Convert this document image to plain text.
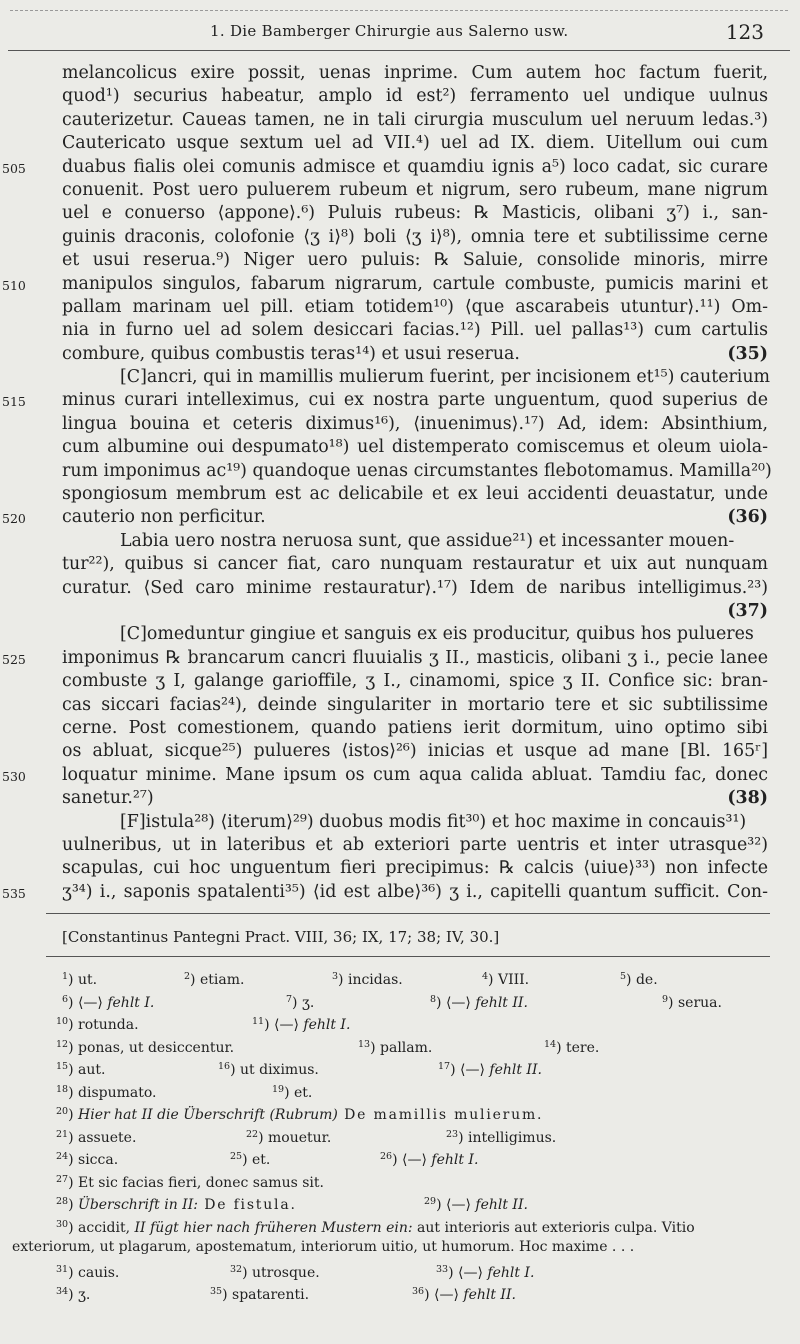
1. Die Bamberger Chirurgie aus Salerno usw.	123
melancolicus exire possit, uenas inprime. Cum autem hoc factum fuerit,
quod¹) securius habeatur, amplo id est²) ferramento uel undique uulnus
cauterizetur. Caueas tamen, ne in tali cirurgia musculum uel neruum ledas.³)
Cautericato usque sextum uel ad VII.⁴) uel ad IX. diem. Uitellum oui cum
505	duabus fialis olei comunis admisce et quamdiu ignis a⁵) loco cadat, sic curare
conuenit. Post uero puluerem rubeum et nigrum, sero rubeum, mane nigrum
uel e conuerso ⟨appone⟩.⁶) Puluis rubeus: ℞ Masticis, olibani ʒ⁷) i., san-
guinis draconis, colofonie ⟨ʒ i⟩⁸) boli ⟨ʒ i⟩⁸), omnia tere et subtilissime cerne
et usui reserua.⁹) Niger uero puluis: ℞ Saluie, consolide minoris, mirre
510	manipulos singulos, fabarum nigrarum, cartule combuste, pumicis marini et
pallam marinam uel pill. etiam totidem¹⁰) ⟨que ascarabeis utuntur⟩.¹¹) Om-
nia in furno uel ad solem desiccari facias.¹²) Pill. uel pallas¹³) cum cartulis
combure, quibus combustis teras¹⁴) et usui reserua.	(35)
[C]ancri, qui in mamillis mulierum fuerint, per incisionem et¹⁵) cauterium
515	minus curari intelleximus, cui ex nostra parte unguentum, quod superius de
lingua bouina et ceteris diximus¹⁶), ⟨inuenimus⟩.¹⁷) Ad, idem: Absinthium,
cum albumine oui despumato¹⁸) uel distemperato comiscemus et oleum uiola-
rum imponimus ac¹⁹) quandoque uenas circumstantes flebotomamus. Mamilla²⁰)
spongiosum membrum est ac delicabile et ex leui accidenti deuastatur, unde
520	cauterio non perficitur.	(36)
Labia uero nostra neruosa sunt, que assidue²¹) et incessanter mouen-
tur²²), quibus si cancer fiat, caro nunquam restauratur et uix aut nunquam
curatur. ⟨Sed caro minime restauratur⟩.¹⁷) Idem de naribus intelligimus.²³)
(37)
[C]omeduntur gingiue et sanguis ex eis producitur, quibus hos pulueres
525	imponimus ℞ brancarum cancri fluuialis ʒ II., masticis, olibani ʒ i., pecie lanee
combuste ʒ I, galange garioffile, ʒ I., cinamomi, spice ʒ II. Confice sic: bran-
cas siccari facias²⁴), deinde singulariter in mortario tere et sic subtilissime
cerne. Post comestionem, quando patiens ierit dormitum, uino optimo sibi
os abluat, sicque²⁵) pulueres ⟨istos⟩²⁶) inicias et usque ad mane [Bl. 165ʳ]
530	loquatur minime. Mane ipsum os cum aqua calida abluat. Tamdiu fac, donec
sanetur.²⁷)	(38)
[F]istula²⁸) ⟨iterum⟩²⁹) duobus modis fit³⁰) et hoc maxime in concauis³¹)
uulneribus, ut in lateribus et ab exteriori parte uentris et inter utrasque³²)
scapulas, cui hoc unguentum fieri precipimus: ℞ calcis ⟨uiue⟩³³) non infecte
535	ʒ³⁴) i., saponis spatalenti³⁵) ⟨id est albe⟩³⁶) ʒ i., capitelli quantum sufficit. Con-
[Constantinus Pantegni Pract. VIII, 36; IX, 17; 38; IV, 30.]
$^1$) ut.	$^2$) etiam.	$^3$) incidas.	$^4$) VIII.	$^5$) de.
$^6$) ⟨—⟩ fehlt I.	$^7$) ʒ.	$^8$) ⟨—⟩ fehlt II.	$^9$) serua.
$^{10}$) rotunda.	$^{11}$) ⟨—⟩ fehlt I.
$^{12}$) ponas, ut desiccentur.	$^{13}$) pallam.	$^{14}$) tere.
$^{15}$) aut.	$^{16}$) ut diximus.	$^{17}$) ⟨—⟩ fehlt II.
$^{18}$) dispumato.	$^{19}$) et.
$^{20}$) Hier hat II die Überschrift (Rubrum) De mamillis mulierum.
$^{21}$) assuete.	$^{22}$) mouetur.	$^{23}$) intelligimus.
$^{24}$) sicca.	$^{25}$) et.	$^{26}$) ⟨—⟩ fehlt I.
$^{27}$) Et sic facias fieri, donec samus sit.
$^{28}$) Überschrift in II: De fistula.	$^{29}$) ⟨—⟩ fehlt II.
$^{30}$) accidit, II fügt hier nach früheren Mustern ein: aut interioris aut exterioris culpa. Vitio
exteriorum, ut plagarum, apostematum, interiorum uitio, ut humorum. Hoc maxime . . .
$^{31}$) cauis.	$^{32}$) utrosque.	$^{33}$) ⟨—⟩ fehlt I.
$^{34}$) ʒ.	$^{35}$) spatarenti.	$^{36}$) ⟨—⟩ fehlt II.
